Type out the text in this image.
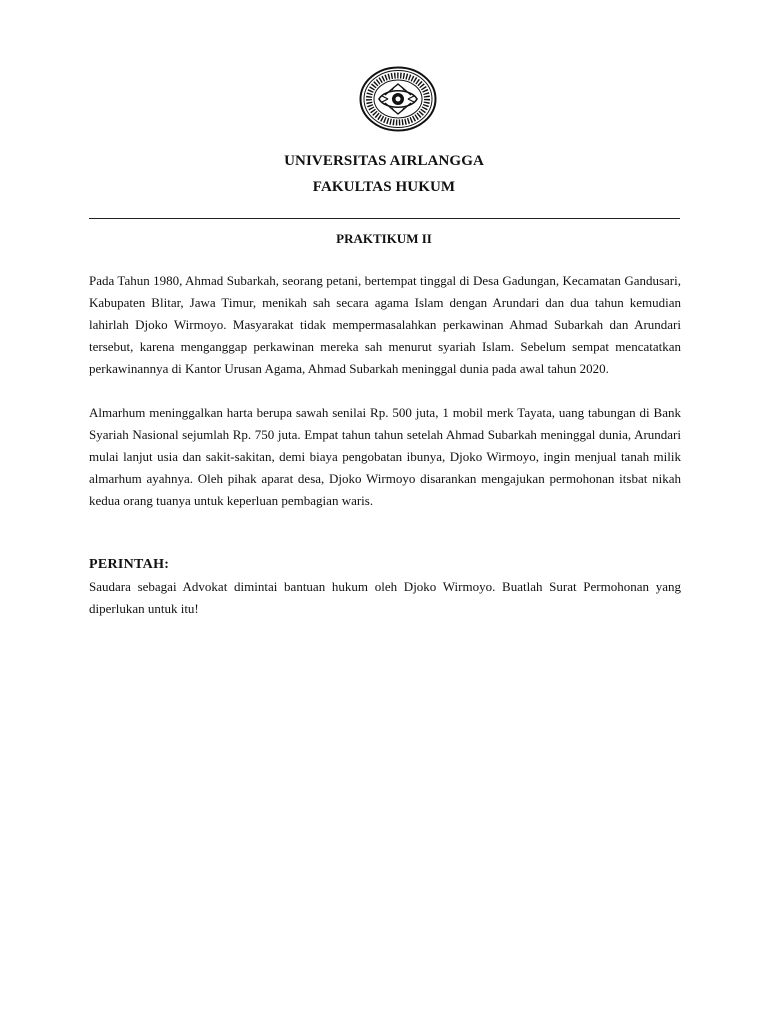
UNIVERSITAS AIRLANGGA
FAKULTAS HUKUM
PRAKTIKUM II

Pada Tahun 1980, Ahmad Subarkah, seorang petani, bertempat tinggal di Desa Gadungan, Kecamatan Gandusari, Kabupaten Blitar, Jawa Timur, menikah sah secara agama Islam dengan Arundari dan dua tahun kemudian lahirlah Djoko Wirmoyo. Masyarakat tidak mempermasalahkan perkawinan Ahmad Subarkah dan Arundari tersebut, karena menganggap perkawinan mereka sah menurut syariah Islam. Sebelum sempat mencatatkan perkawinannya di Kantor Urusan Agama, Ahmad Subarkah meninggal dunia pada awal tahun 2020.

Almarhum meninggalkan harta berupa sawah senilai Rp. 500 juta, 1 mobil merk Tayata, uang tabungan di Bank Syariah Nasional sejumlah Rp. 750 juta. Empat tahun tahun setelah Ahmad Subarkah meninggal dunia, Arundari mulai lanjut usia dan sakit-sakitan, demi biaya pengobatan ibunya, Djoko Wirmoyo, ingin menjual tanah milik almarhum ayahnya. Oleh pihak aparat desa, Djoko Wirmoyo disarankan mengajukan permohonan itsbat nikah kedua orang tuanya untuk keperluan pembagian waris.

PERINTAH:

Saudara sebagai Advokat dimintai bantuan hukum oleh Djoko Wirmoyo. Buatlah Surat Permohonan yang diperlukan untuk itu!
